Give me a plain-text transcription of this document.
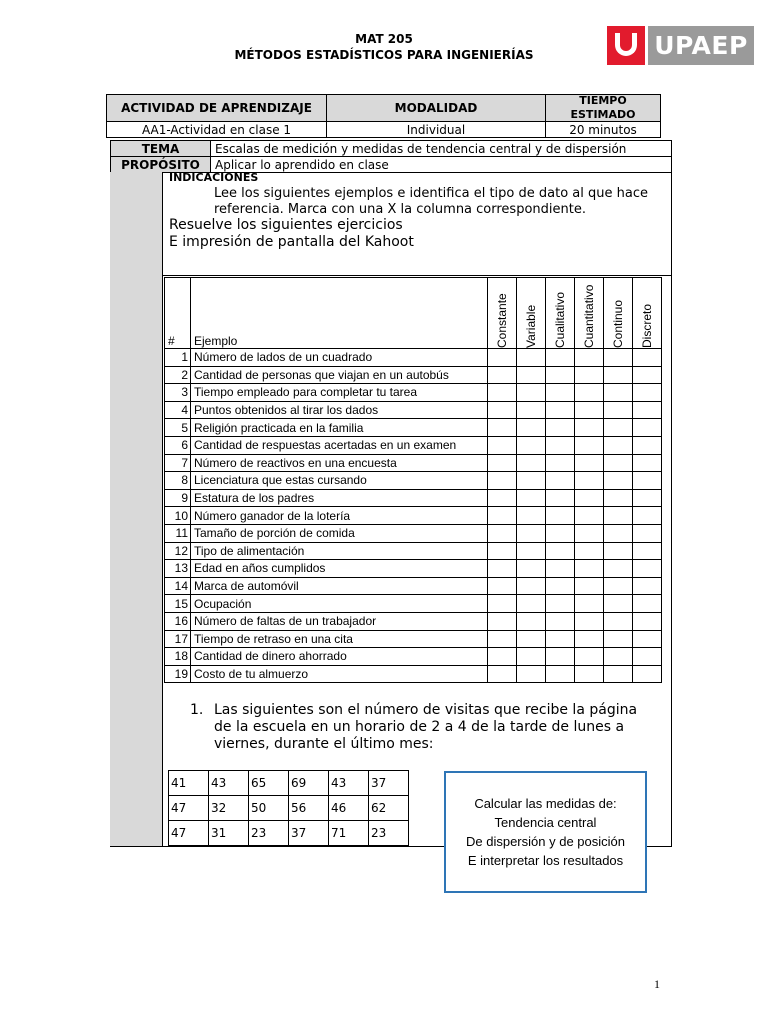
MAT 205
MÉTODOS ESTADÍSTICOS PARA INGENIERÍAS	UPAEP
ACTIVIDAD DE APRENDIZAJE	MODALIDAD
TIEMPO
ESTIMADO
AA1-Actividad en clase 1	Individual	20 minutos
TEMA	Escalas de medición y medidas de tendencia central y de dispersión
PROPÓSITO	Aplicar lo aprendido en clase
INDICACIONES
Lee los siguientes ejemplos e identifica el tipo de dato al que hace
referencia. Marca con una X la columna correspondiente.
Resuelve los siguientes ejercicios
E impresión de pantalla del Kahoot
#	Ejemplo	Constante	Variable	Cualitativo	Cuantitativo	Continuo	Discreto

1	Número de lados de un cuadrado						
2	Cantidad de personas que viajan en un autobús						
3	Tiempo empleado para completar tu tarea						
4	Puntos obtenidos al tirar los dados						
5	Religión practicada en la familia						
6	Cantidad de respuestas acertadas en un examen						
7	Número de reactivos en una encuesta						
8	Licenciatura que estas cursando						
9	Estatura de los padres						
10	Número ganador de la lotería						
11	Tamaño de porción de comida						
12	Tipo de alimentación						
13	Edad en años cumplidos						
14	Marca de automóvil						
15	Ocupación						
16	Número de faltas de un trabajador						
17	Tiempo de retraso en una cita						
18	Cantidad de dinero ahorrado						
19	Costo de tu almuerzo						
1. Las siguientes son el número de visitas que recibe la página
de la escuela en un horario de 2 a 4 de la tarde de lunes a
viernes, durante el último mes:
41	43	65	69	43	37
47	32	50	56	46	62
47	31	23	37	71	23
Calcular las medidas de:
Tendencia central
De dispersión y de posición
E interpretar los resultados
1
